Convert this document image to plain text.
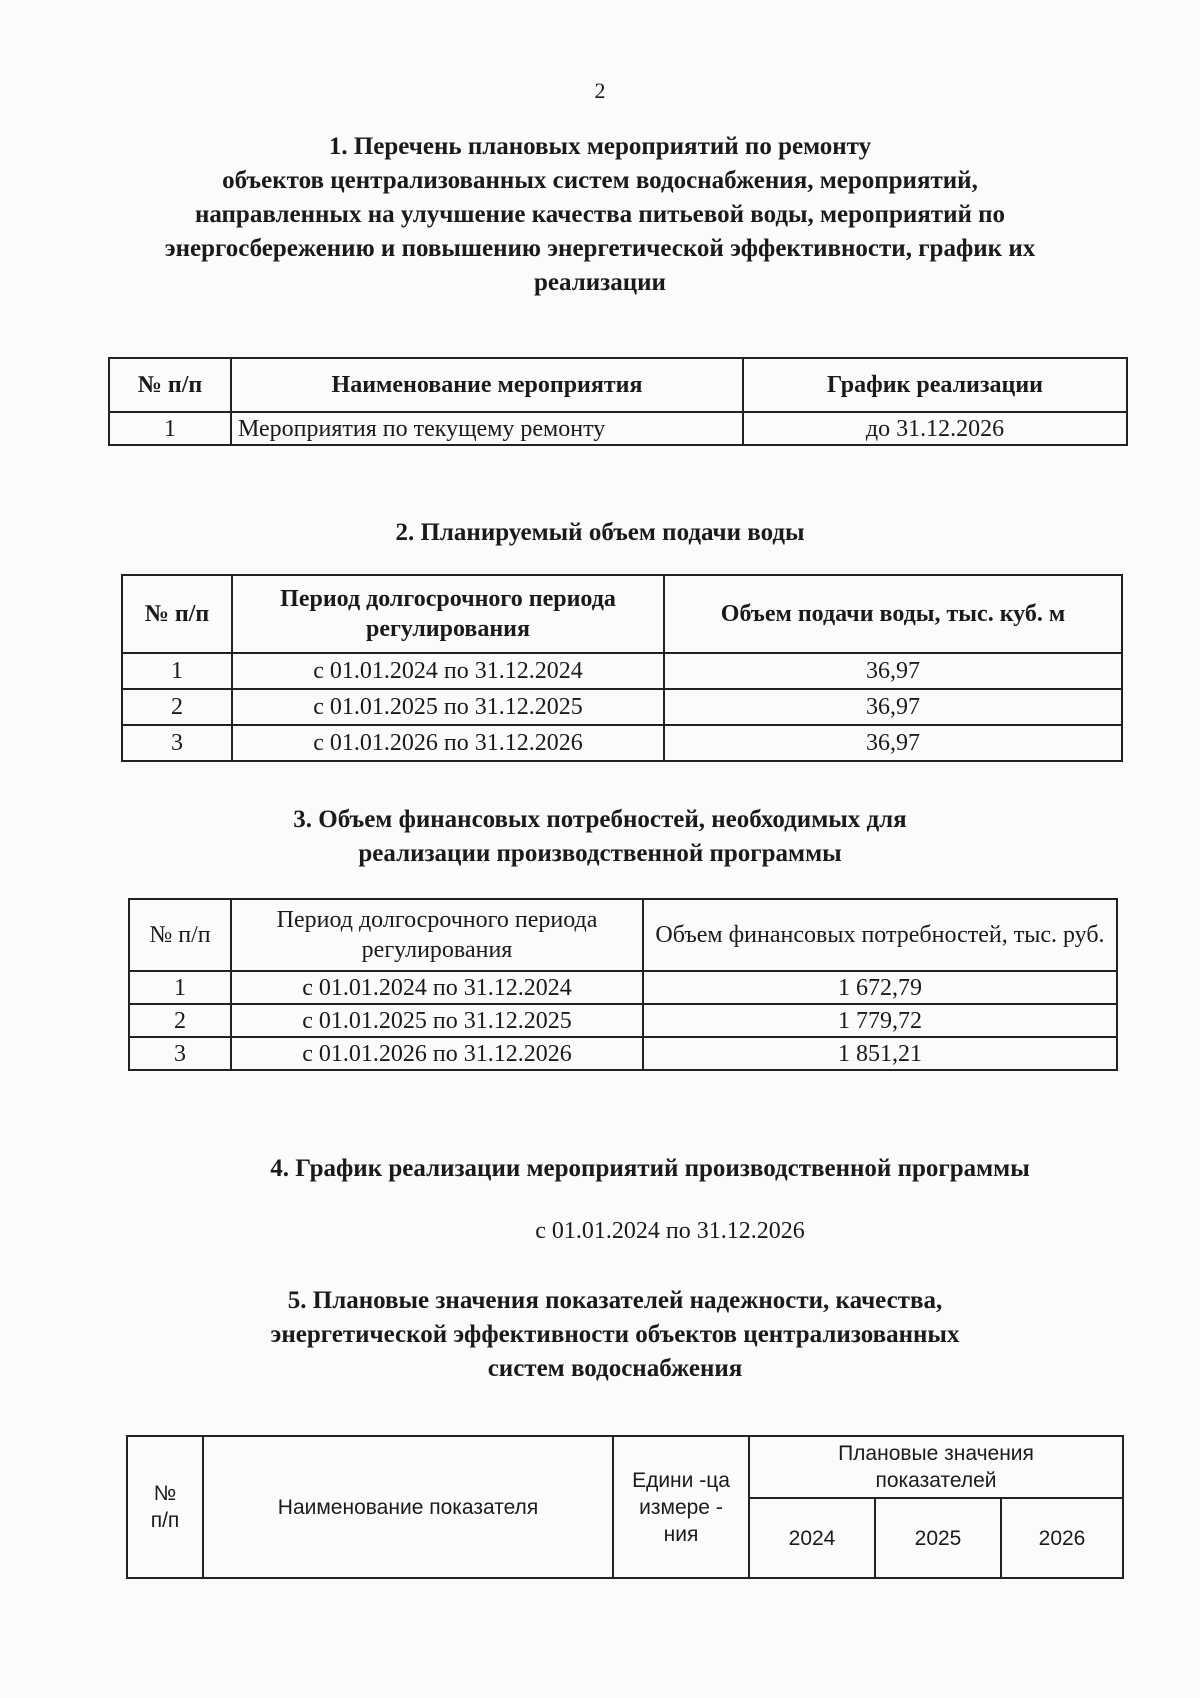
2
1. Перечень плановых мероприятий по ремонту
объектов централизованных систем водоснабжения, мероприятий,
направленных на улучшение качества питьевой воды, мероприятий по
энергосбережению и повышению энергетической эффективности, график их
реализации
№ п/п	Наименование мероприятия	График реализации
1	Мероприятия по текущему ремонту	до 31.12.2026
2. Планируемый объем подачи воды
№ п/п	Период долгосрочного периода регулирования	Объем подачи воды, тыс. куб. м
1	с 01.01.2024 по 31.12.2024	36,97
2	с 01.01.2025 по 31.12.2025	36,97
3	с 01.01.2026 по 31.12.2026	36,97
3. Объем финансовых потребностей, необходимых для
реализации производственной программы
№ п/п	Период долгосрочного периода регулирования	Объем финансовых потребностей, тыс. руб.
1	с 01.01.2024 по 31.12.2024	1 672,79
2	с 01.01.2025 по 31.12.2025	1 779,72
3	с 01.01.2026 по 31.12.2026	1 851,21
4. График реализации мероприятий производственной программы
с 01.01.2024 по 31.12.2026
5. Плановые значения показателей надежности, качества,
энергетической эффективности объектов централизованных
систем водоснабжения
№ п/п	Наименование показателя	Едини -ца измере - ния	Плановые значения показателей		
			2024	2025	2026
